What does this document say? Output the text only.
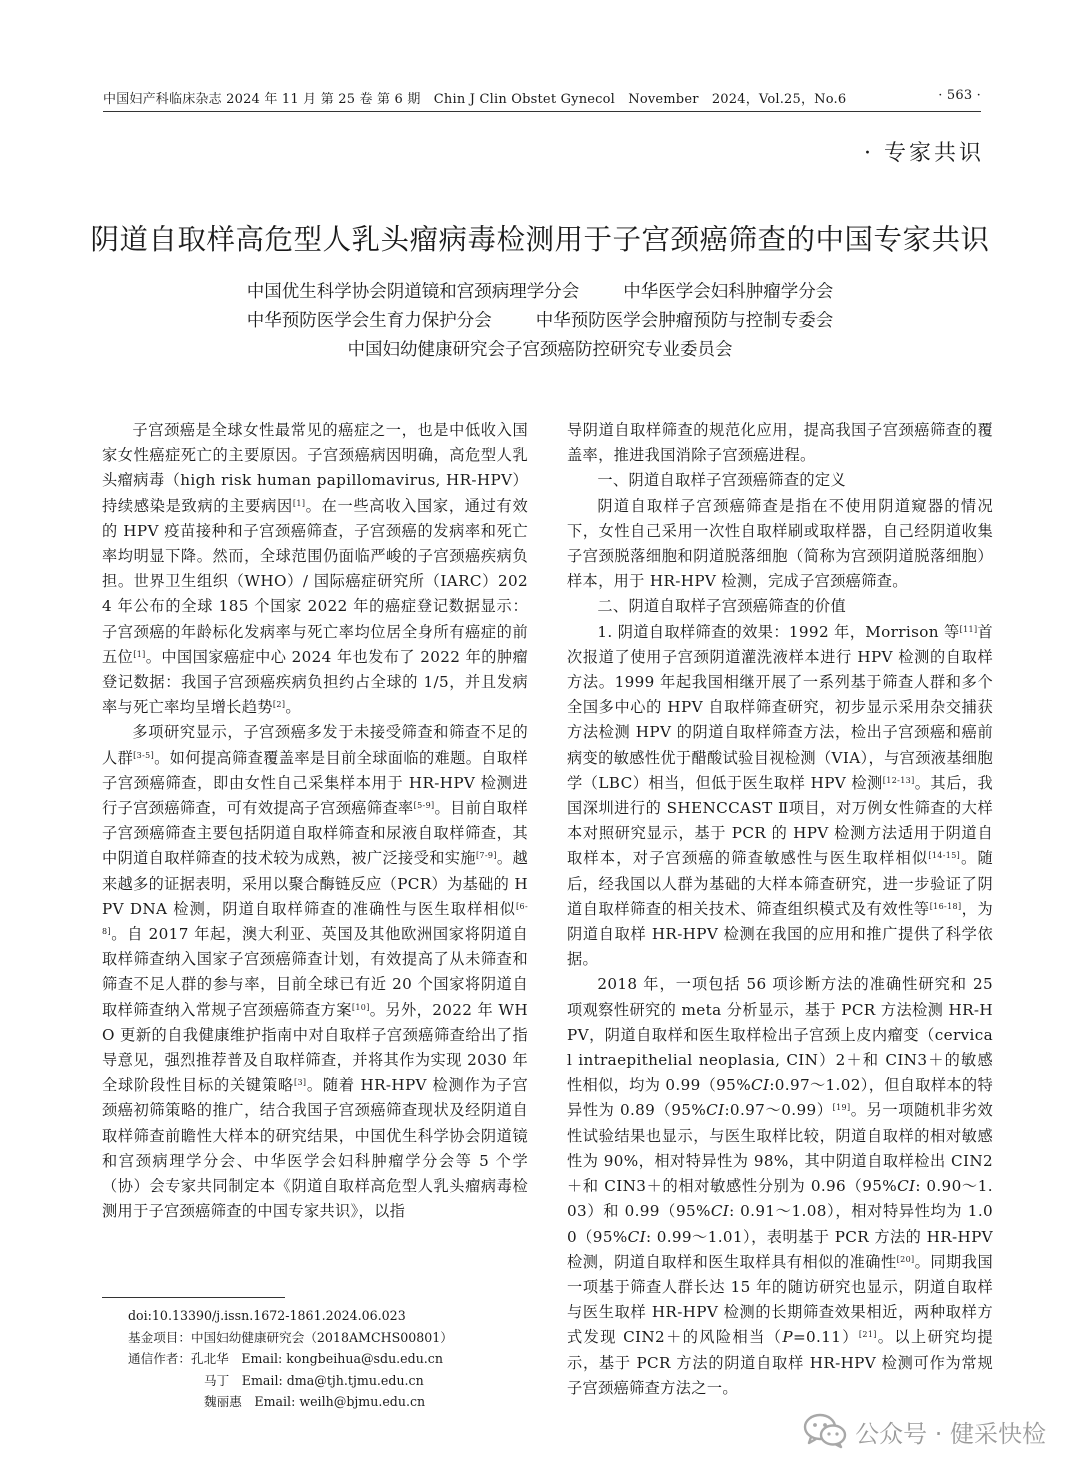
中国妇产科临床杂志 2024 年 11 月 第 25 卷 第 6 期　Chin J Clin Obstet Gynecol　November　2024，Vol.25，No.6	· 563 ·
· 专家共识
阴道自取样高危型人乳头瘤病毒检测用于子宫颈癌筛查的中国专家共识
中国优生科学协会阴道镜和宫颈病理学分会	中华医学会妇科肿瘤学分会
中华预防医学会生育力保护分会	中华预防医学会肿瘤预防与控制专委会
中国妇幼健康研究会子宫颈癌防控研究专业委员会

子宫颈癌是全球女性最常见的癌症之一，也是中低收入国家女性癌症死亡的主要原因。子宫颈癌病因明确，高危型人乳头瘤病毒（high risk human papillomavirus, HR-HPV）持续感染是致病的主要病因[1]。在一些高收入国家，通过有效的 HPV 疫苗接种和子宫颈癌筛查，子宫颈癌的发病率和死亡率均明显下降。然而，全球范围仍面临严峻的子宫颈癌疾病负担。世界卫生组织（WHO）/ 国际癌症研究所（IARC）2024 年公布的全球 185 个国家 2022 年的癌症登记数据显示：子宫颈癌的年龄标化发病率与死亡率均位居全身所有癌症的前五位[1]。中国国家癌症中心 2024 年也发布了 2022 年的肿瘤登记数据：我国子宫颈癌疾病负担约占全球的 1/5，并且发病率与死亡率均呈增长趋势[2]。

多项研究显示，子宫颈癌多发于未接受筛查和筛查不足的人群[3-5]。如何提高筛查覆盖率是目前全球面临的难题。自取样子宫颈癌筛查，即由女性自己采集样本用于 HR-HPV 检测进行子宫颈癌筛查，可有效提高子宫颈癌筛查率[5-9]。目前自取样子宫颈癌筛查主要包括阴道自取样筛查和尿液自取样筛查，其中阴道自取样筛查的技术较为成熟，被广泛接受和实施[7-9]。越来越多的证据表明，采用以聚合酶链反应（PCR）为基础的 HPV DNA 检测，阴道自取样筛查的准确性与医生取样相似[6-8]。自 2017 年起，澳大利亚、英国及其他欧洲国家将阴道自取样筛查纳入国家子宫颈癌筛查计划，有效提高了从未筛查和筛查不足人群的参与率，目前全球已有近 20 个国家将阴道自取样筛查纳入常规子宫颈癌筛查方案[10]。另外，2022 年 WHO 更新的自我健康维护指南中对自取样子宫颈癌筛查给出了指导意见，强烈推荐普及自取样筛查，并将其作为实现 2030 年全球阶段性目标的关键策略[3]。随着 HR-HPV 检测作为子宫颈癌初筛策略的推广，结合我国子宫颈癌筛查现状及经阴道自取样筛查前瞻性大样本的研究结果，中国优生科学协会阴道镜和宫颈病理学分会、中华医学会妇科肿瘤学分会等 5 个学（协）会专家共同制定本《阴道自取样高危型人乳头瘤病毒检测用于子宫颈癌筛查的中国专家共识》，以指

导阴道自取样筛查的规范化应用，提高我国子宫颈癌筛查的覆盖率，推进我国消除子宫颈癌进程。

一、阴道自取样子宫颈癌筛查的定义

阴道自取样子宫颈癌筛查是指在不使用阴道窥器的情况下，女性自己采用一次性自取样刷或取样器，自己经阴道收集子宫颈脱落细胞和阴道脱落细胞（简称为宫颈阴道脱落细胞）样本，用于 HR-HPV 检测，完成子宫颈癌筛查。

二、阴道自取样子宫颈癌筛查的价值

1. 阴道自取样筛查的效果：1992 年，Morrison 等[11]首次报道了使用子宫颈阴道灌洗液样本进行 HPV 检测的自取样方法。1999 年起我国相继开展了一系列基于筛查人群和多个全国多中心的 HPV 自取样筛查研究，初步显示采用杂交捕获方法检测 HPV 的阴道自取样筛查方法，检出子宫颈癌和癌前病变的敏感性优于醋酸试验目视检测（VIA），与宫颈液基细胞学（LBC）相当，但低于医生取样 HPV 检测[12-13]。其后，我国深圳进行的 SHENCCAST Ⅱ项目，对万例女性筛查的大样本对照研究显示，基于 PCR 的 HPV 检测方法适用于阴道自取样本，对子宫颈癌的筛查敏感性与医生取样相似[14-15]。随后，经我国以人群为基础的大样本筛查研究，进一步验证了阴道自取样筛查的相关技术、筛查组织模式及有效性等[16-18]，为阴道自取样 HR-HPV 检测在我国的应用和推广提供了科学依据。

2018 年，一项包括 56 项诊断方法的准确性研究和 25 项观察性研究的 meta 分析显示，基于 PCR 方法检测 HR-HPV，阴道自取样和医生取样检出子宫颈上皮内瘤变（cervical intraepithelial neoplasia, CIN）2＋和 CIN3＋的敏感性相似，均为 0.99（95%CI:0.97～1.02），但自取样本的特异性为 0.89（95%CI:0.97～0.99）[19]。另一项随机非劣效性试验结果也显示，与医生取样比较，阴道自取样的相对敏感性为 90%，相对特异性为 98%，其中阴道自取样检出 CIN2＋和 CIN3＋的相对敏感性分别为 0.96（95%CI: 0.90～1.03）和 0.99（95%CI: 0.91～1.08），相对特异性均为 1.00（95%CI: 0.99～1.01），表明基于 PCR 方法的 HR-HPV 检测，阴道自取样和医生取样具有相似的准确性[20]。同期我国一项基于筛查人群长达 15 年的随访研究也显示，阴道自取样与医生取样 HR-HPV 检测的长期筛查效果相近，两种取样方式发现 CIN2＋的风险相当（P=0.11）[21]。以上研究均提示，基于 PCR 方法的阴道自取样 HR-HPV 检测可作为常规子宫颈癌筛查方法之一。

doi:10.13390/j.issn.1672-1861.2024.06.023
基金项目：中国妇幼健康研究会（2018AMCHS00801）
通信作者：孔北华　Email: kongbeihua@sdu.edu.cn
马丁　Email: dma@tjh.tjmu.edu.cn
魏丽惠　Email: weilh@bjmu.edu.cn
公众号 · 健采快检
